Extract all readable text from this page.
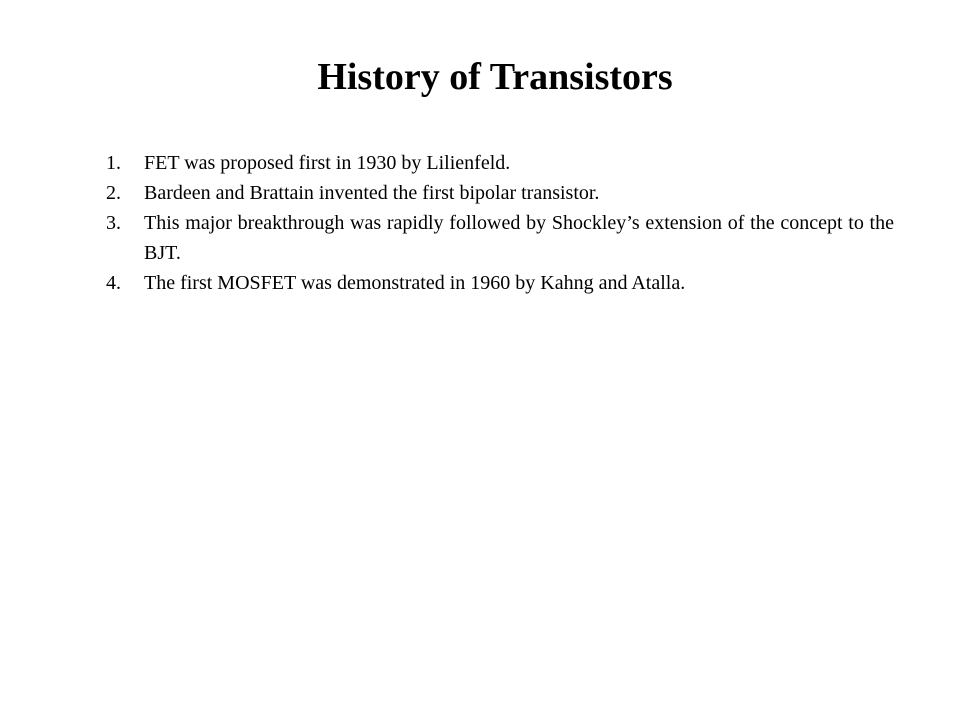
History of Transistors
1. FET was proposed first in 1930 by Lilienfeld.
2. Bardeen and Brattain invented the first bipolar transistor.
3. This major breakthrough was rapidly followed by Shockley’s extension of the concept to the BJT.
4. The first MOSFET was demonstrated in 1960 by Kahng and Atalla.
